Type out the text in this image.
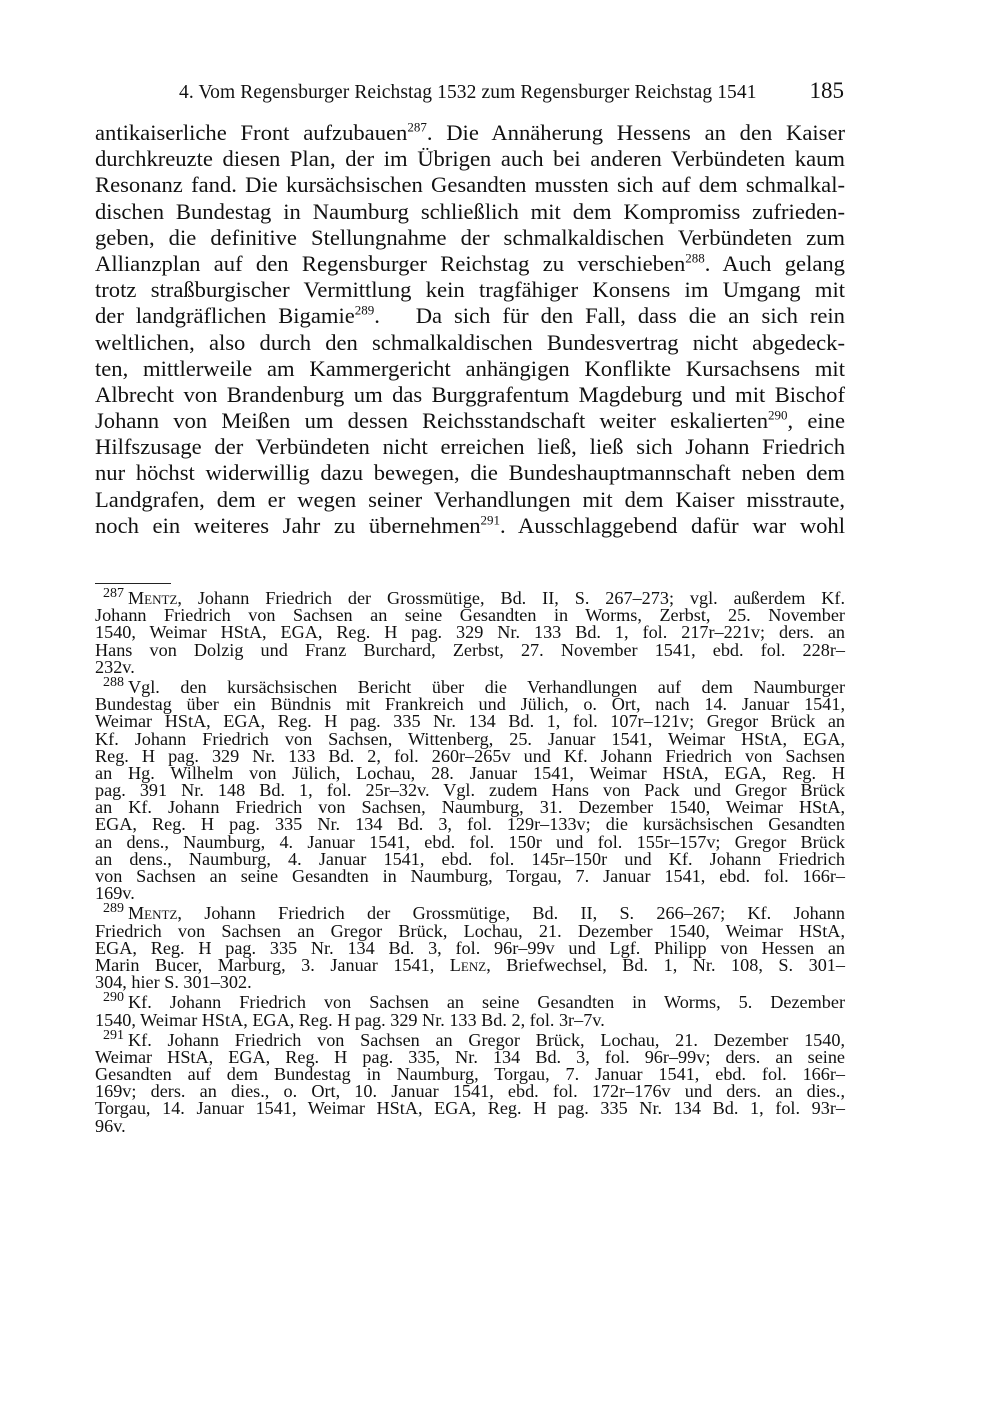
4. Vom Regensburger Reichstag 1532 zum Regensburger Reichstag 1541 185
antikaiserliche Front aufzubauen$^{287}$. Die Annäherung Hessens an den Kaiser
durchkreuzte diesen Plan, der im Übrigen auch bei anderen Verbündeten kaum
Resonanz fand. Die kursächsischen Gesandten mussten sich auf dem schmalkal-
dischen Bundestag in Naumburg schließlich mit dem Kompromiss zufrieden-
geben, die definitive Stellungnahme der schmalkaldischen Verbündeten zum
Allianzplan auf den Regensburger Reichstag zu verschieben$^{288}$. Auch gelang
trotz straßburgischer Vermittlung kein tragfähiger Konsens im Umgang mit
der landgräflichen Bigamie$^{289}$.   Da sich für den Fall, dass die an sich rein
weltlichen, also durch den schmalkaldischen Bundesvertrag nicht abgedeck-
ten, mittlerweile am Kammergericht anhängigen Konflikte Kursachsens mit
Albrecht von Brandenburg um das Burggrafentum Magdeburg und mit Bischof
Johann von Meißen um dessen Reichsstandschaft weiter eskalierten$^{290}$, eine
Hilfszusage der Verbündeten nicht erreichen ließ, ließ sich Johann Friedrich
nur höchst widerwillig dazu bewegen, die Bundeshauptmannschaft neben dem
Landgrafen, dem er wegen seiner Verhandlungen mit dem Kaiser misstraute,
noch ein weiteres Jahr zu übernehmen$^{291}$. Ausschlaggebend dafür war wohl
$^{287}$ Mentz, Johann Friedrich der Grossmütige, Bd. II, S. 267–273; vgl. außerdem Kf.
Johann Friedrich von Sachsen an seine Gesandten in Worms, Zerbst, 25. November
1540, Weimar HStA, EGA, Reg. H pag. 329 Nr. 133 Bd. 1, fol. 217r–221v; ders. an
Hans von Dolzig und Franz Burchard, Zerbst, 27. November 1541, ebd. fol. 228r–
232v.
$^{288}$ Vgl. den kursächsischen Bericht über die Verhandlungen auf dem Naumburger
Bundestag über ein Bündnis mit Frankreich und Jülich, o. Ort, nach 14. Januar 1541,
Weimar HStA, EGA, Reg. H pag. 335 Nr. 134 Bd. 1, fol. 107r–121v; Gregor Brück an
Kf. Johann Friedrich von Sachsen, Wittenberg, 25. Januar 1541, Weimar HStA, EGA,
Reg. H pag. 329 Nr. 133 Bd. 2, fol. 260r–265v und Kf. Johann Friedrich von Sachsen
an Hg. Wilhelm von Jülich, Lochau, 28. Januar 1541, Weimar HStA, EGA, Reg. H
pag. 391 Nr. 148 Bd. 1, fol. 25r–32v. Vgl. zudem Hans von Pack und Gregor Brück
an Kf. Johann Friedrich von Sachsen, Naumburg, 31. Dezember 1540, Weimar HStA,
EGA, Reg. H pag. 335 Nr. 134 Bd. 3, fol. 129r–133v; die kursächsischen Gesandten
an dens., Naumburg, 4. Januar 1541, ebd. fol. 150r und fol. 155r–157v; Gregor Brück
an dens., Naumburg, 4. Januar 1541, ebd. fol. 145r–150r und Kf. Johann Friedrich
von Sachsen an seine Gesandten in Naumburg, Torgau, 7. Januar 1541, ebd. fol. 166r–
169v.
$^{289}$ Mentz, Johann Friedrich der Grossmütige, Bd. II, S. 266–267; Kf. Johann
Friedrich von Sachsen an Gregor Brück, Lochau, 21. Dezember 1540, Weimar HStA,
EGA, Reg. H pag. 335 Nr. 134 Bd. 3, fol. 96r–99v und Lgf. Philipp von Hessen an
Marin Bucer, Marburg, 3. Januar 1541, Lenz, Briefwechsel, Bd. 1, Nr. 108, S. 301–
304, hier S. 301–302.
$^{290}$ Kf. Johann Friedrich von Sachsen an seine Gesandten in Worms, 5. Dezember
1540, Weimar HStA, EGA, Reg. H pag. 329 Nr. 133 Bd. 2, fol. 3r–7v.
$^{291}$ Kf. Johann Friedrich von Sachsen an Gregor Brück, Lochau, 21. Dezember 1540,
Weimar HStA, EGA, Reg. H pag. 335, Nr. 134 Bd. 3, fol. 96r–99v; ders. an seine
Gesandten auf dem Bundestag in Naumburg, Torgau, 7. Januar 1541, ebd. fol. 166r–
169v; ders. an dies., o. Ort, 10. Januar 1541, ebd. fol. 172r–176v und ders. an dies.,
Torgau, 14. Januar 1541, Weimar HStA, EGA, Reg. H pag. 335 Nr. 134 Bd. 1, fol. 93r–
96v.
